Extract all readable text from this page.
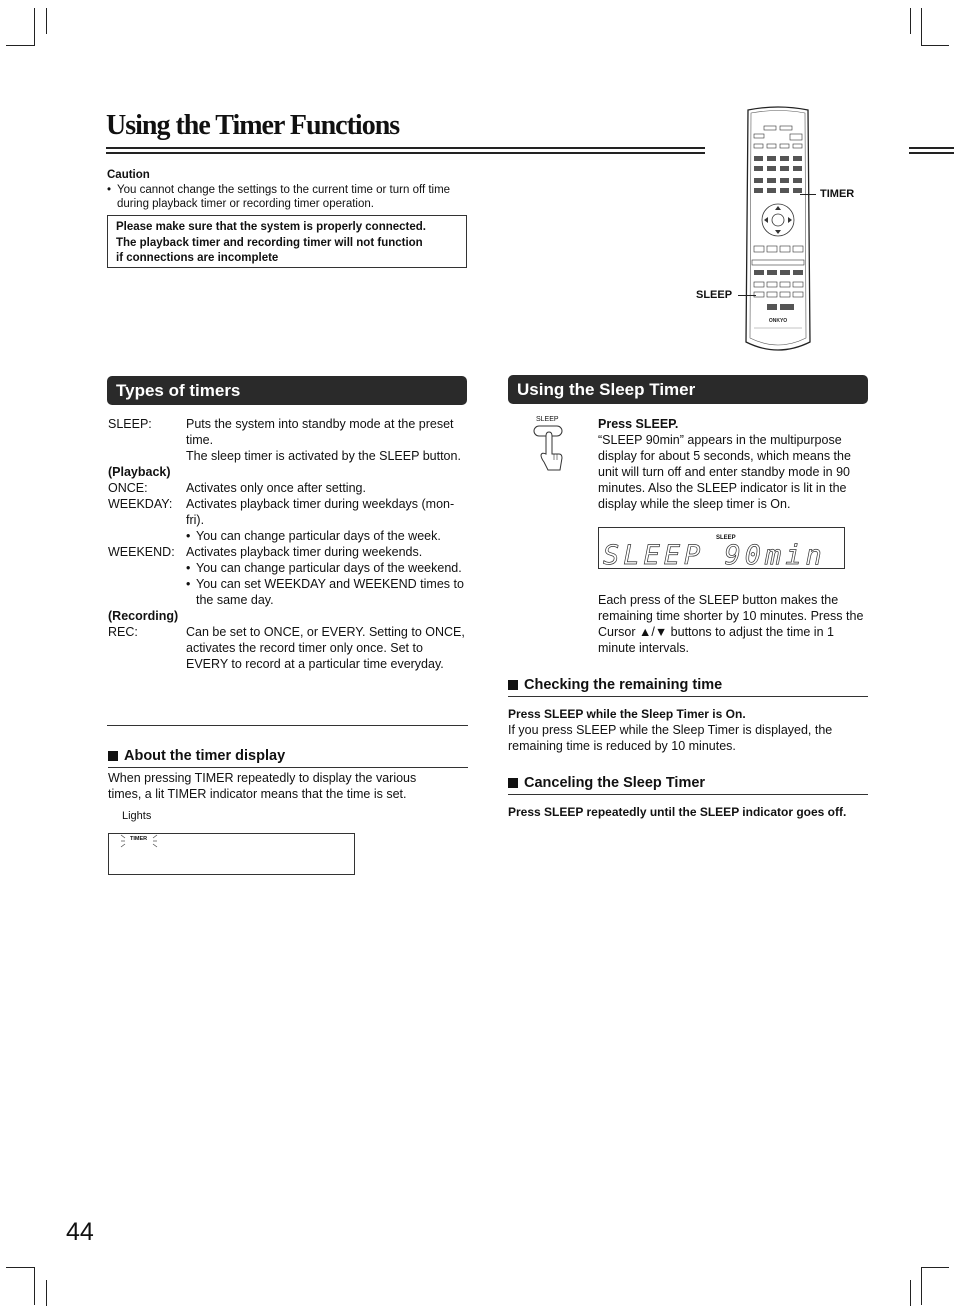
Using the Timer Functions
Caution
• You cannot change the settings to the current time or turn off time during playback timer or recording timer operation.
Please make sure that the system is properly connected.
The playback timer and recording timer will not function
if connections are incomplete
ONKYO
TIMER
SLEEP
Types of timers
SLEEP:	Puts the system into standby mode at the preset time.
The sleep timer is activated by the SLEEP button.
(Playback)
ONCE:	Activates only once after setting.
WEEKDAY:	Activates playback timer during weekdays (mon-fri).
• You can change particular days of the week.
WEEKEND: Activates playback timer during weekends.
• You can change particular days of the weekend.
• You can set WEEKDAY and WEEKEND times to the same day.
(Recording)
REC:	Can be set to ONCE, or EVERY. Setting to ONCE, activates the record timer only once. Set to EVERY to record at a particular time everyday.
About the timer display
When pressing TIMER repeatedly to display the various times, a lit TIMER indicator means that the time is set.
Lights
TIMER
Using the Sleep Timer
SLEEP	Press SLEEP.
“SLEEP 90min” appears in the multipurpose display for about 5 seconds, which means the unit will turn off and enter standby mode in 90 minutes. Also the SLEEP indicator is lit in the display while the sleep timer is On.
SLEEP
SLEEP 90min
Each press of the SLEEP button makes the remaining time shorter by 10 minutes. Press the Cursor ▲/▼ buttons to adjust the time in 1 minute intervals.
Checking the remaining time
Press SLEEP while the Sleep Timer is On.
If you press SLEEP while the Sleep Timer is displayed, the remaining time is reduced by 10 minutes.
Canceling the Sleep Timer
Press SLEEP repeatedly until the SLEEP indicator goes off.
44
